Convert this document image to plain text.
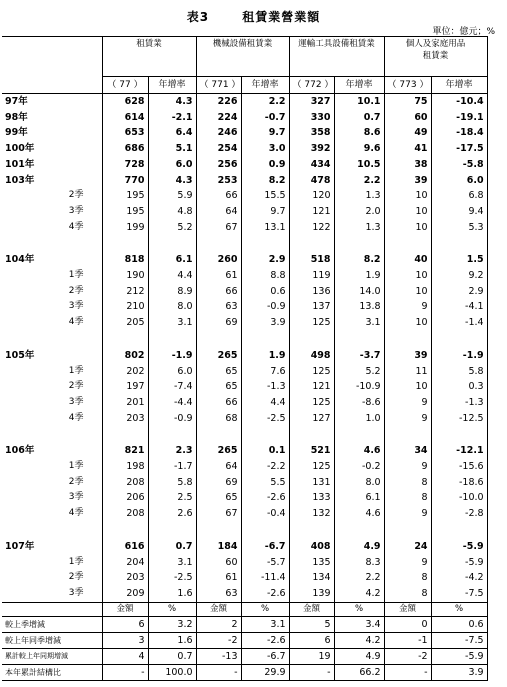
表3	租賃業營業額
單位：億元；%

	租賃業		機械設備租賃業		運輸工具設備租賃業		個人及家庭用品
租賃業	

	（ 77 ）	年增率	（ 771 ）	年增率	（ 772 ）	年增率	（ 773 ）	年增率
97年	628	4.3	226	2.2	327	10.1	75	-10.4
98年	614	-2.1	224	-0.7	330	0.7	60	-19.1
99年	653	6.4	246	9.7	358	8.6	49	-18.4
100年	686	5.1	254	3.0	392	9.6	41	-17.5
101年	728	6.0	256	0.9	434	10.5	38	-5.8
103年	770	4.3	253	8.2	478	2.2	39	6.0
2季	195	5.9	66	15.5	120	1.3	10	6.8
3季	195	4.8	64	9.7	121	2.0	10	9.4
4季	199	5.2	67	13.1	122	1.3	10	5.3

104年	818	6.1	260	2.9	518	8.2	40	1.5
1季	190	4.4	61	8.8	119	1.9	10	9.2
2季	212	8.9	66	0.6	136	14.0	10	2.9
3季	210	8.0	63	-0.9	137	13.8	9	-4.1
4季	205	3.1	69	3.9	125	3.1	10	-1.4

105年	802	-1.9	265	1.9	498	-3.7	39	-1.9
1季	202	6.0	65	7.6	125	5.2	11	5.8
2季	197	-7.4	65	-1.3	121	-10.9	10	0.3
3季	201	-4.4	66	4.4	125	-8.6	9	-1.3
4季	203	-0.9	68	-2.5	127	1.0	9	-12.5

106年	821	2.3	265	0.1	521	4.6	34	-12.1
1季	198	-1.7	64	-2.2	125	-0.2	9	-15.6
2季	208	5.8	69	5.5	131	8.0	8	-18.6
3季	206	2.5	65	-2.6	133	6.1	8	-10.0
4季	208	2.6	67	-0.4	132	4.6	9	-2.8

107年	616	0.7	184	-6.7	408	4.9	24	-5.9
1季	204	3.1	60	-5.7	135	8.3	9	-5.9
2季	203	-2.5	61	-11.4	134	2.2	8	-4.2
3季	209	1.6	63	-2.6	139	4.2	8	-7.5
	金額	%	金額	%	金額	%	金額	%
較上季增減	6	3.2	2	3.1	5	3.4	0	0.6
較上年同季增減	3	1.6	-2	-2.6	6	4.2	-1	-7.5
累計較上年同期增減	4	0.7	-13	-6.7	19	4.9	-2	-5.9
本年累計結構比	-	100.0	-	29.9	-	66.2	-	3.9
